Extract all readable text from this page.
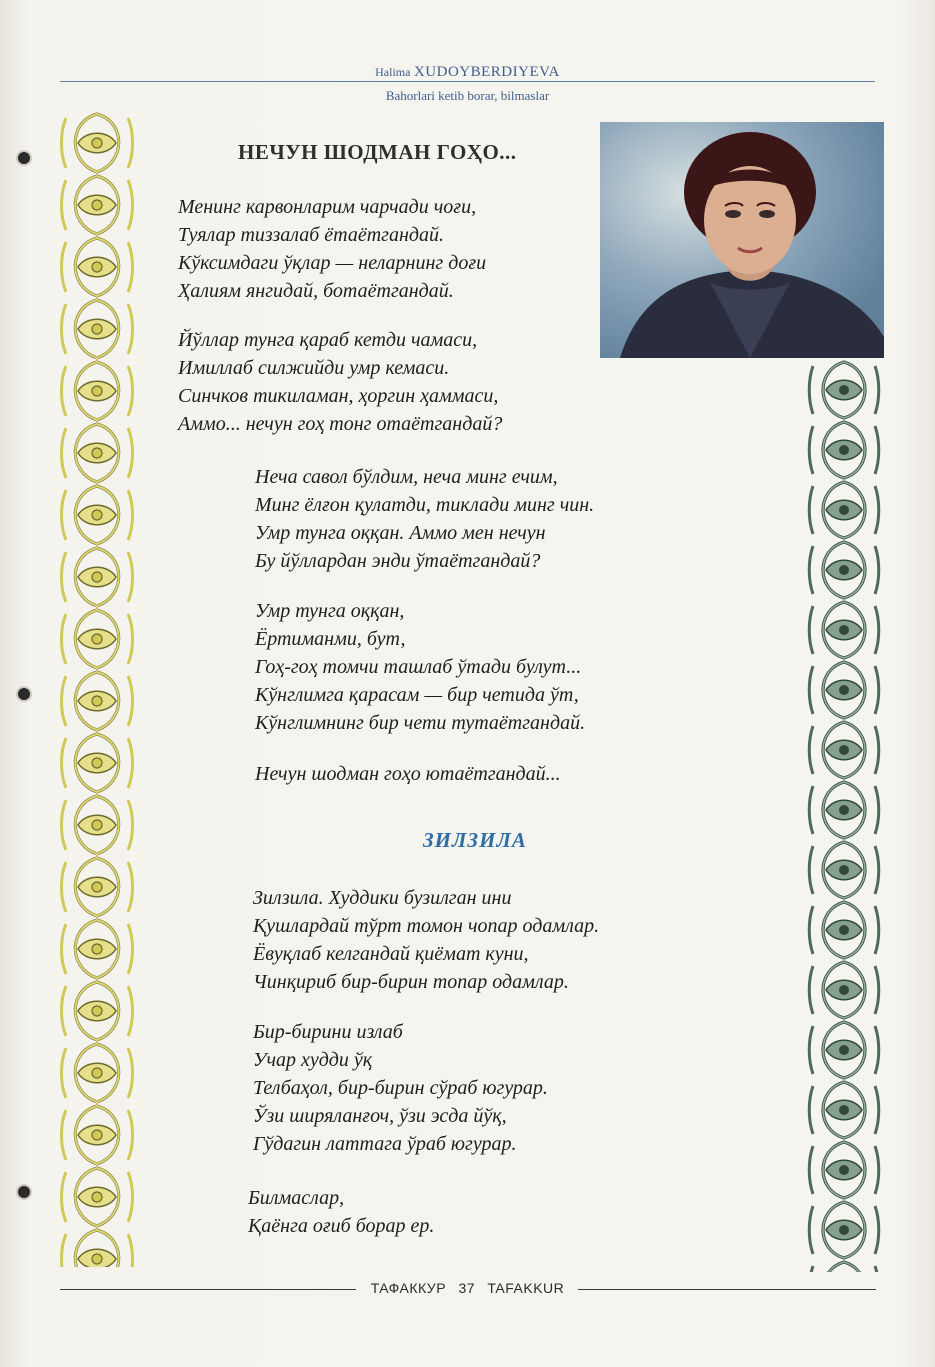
Halima XUDOYBERDIYEVA
Bahorlari ketib borar, bilmaslar
НЕЧУН ШОДМАН ГОҲО...
Менинг карвонларим чарчади чоғи,
Туялар тиззалаб ётаётгандай.
Кўксимдаги ўқлар — неларнинг доғи
Ҳалиям янгидай, ботаётгандай.
Йўллар тунга қараб кетди чамаси,
Имиллаб силжийди умр кемаси.
Синчков тикиламан, ҳоргин ҳаммаси,
Аммо... нечун гоҳ тонг отаётгандай?
Неча савол бўлдим, неча минг ечим,
Минг ёлғон қулатди, тиклади минг чин.
Умр тунга оққан. Аммо мен нечун
Бу йўллардан энди ўтаётгандай?
Умр тунга оққан,
Ёртиманми, бут,
Гоҳ-гоҳ томчи ташлаб ўтади булут...
Кўнглимга қарасам — бир четида ўт,
Кўнглимнинг бир чети тутаётгандай.
Нечун шодман гоҳо ютаётгандай...
ЗИЛЗИЛА
Зилзила. Худдики бузилган ини
Қушлардай тўрт томон чопар одамлар.
Ёвуқлаб келгандай қиёмат куни,
Чинқириб бир-бирин топар одамлар.
Бир-бирини излаб
Учар худди ўқ
Телбаҳол, бир-бирин сўраб югурар.
Ўзи ширяланғоч, ўзи эсда йўқ,
Гўдагин латтага ўраб югурар.
Билмаслар,
Қаёнга оғиб борар ер.
ТАФАККУР 37 TAFAKKUR
